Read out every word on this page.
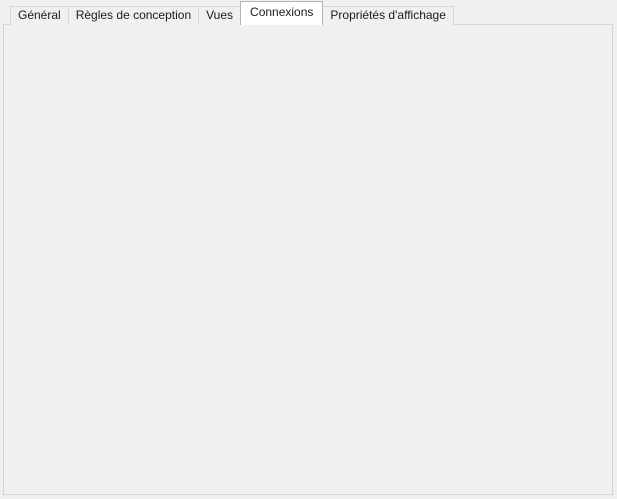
Général	Règles de conception	Vues	Connexions	Propriétés d'affichage
